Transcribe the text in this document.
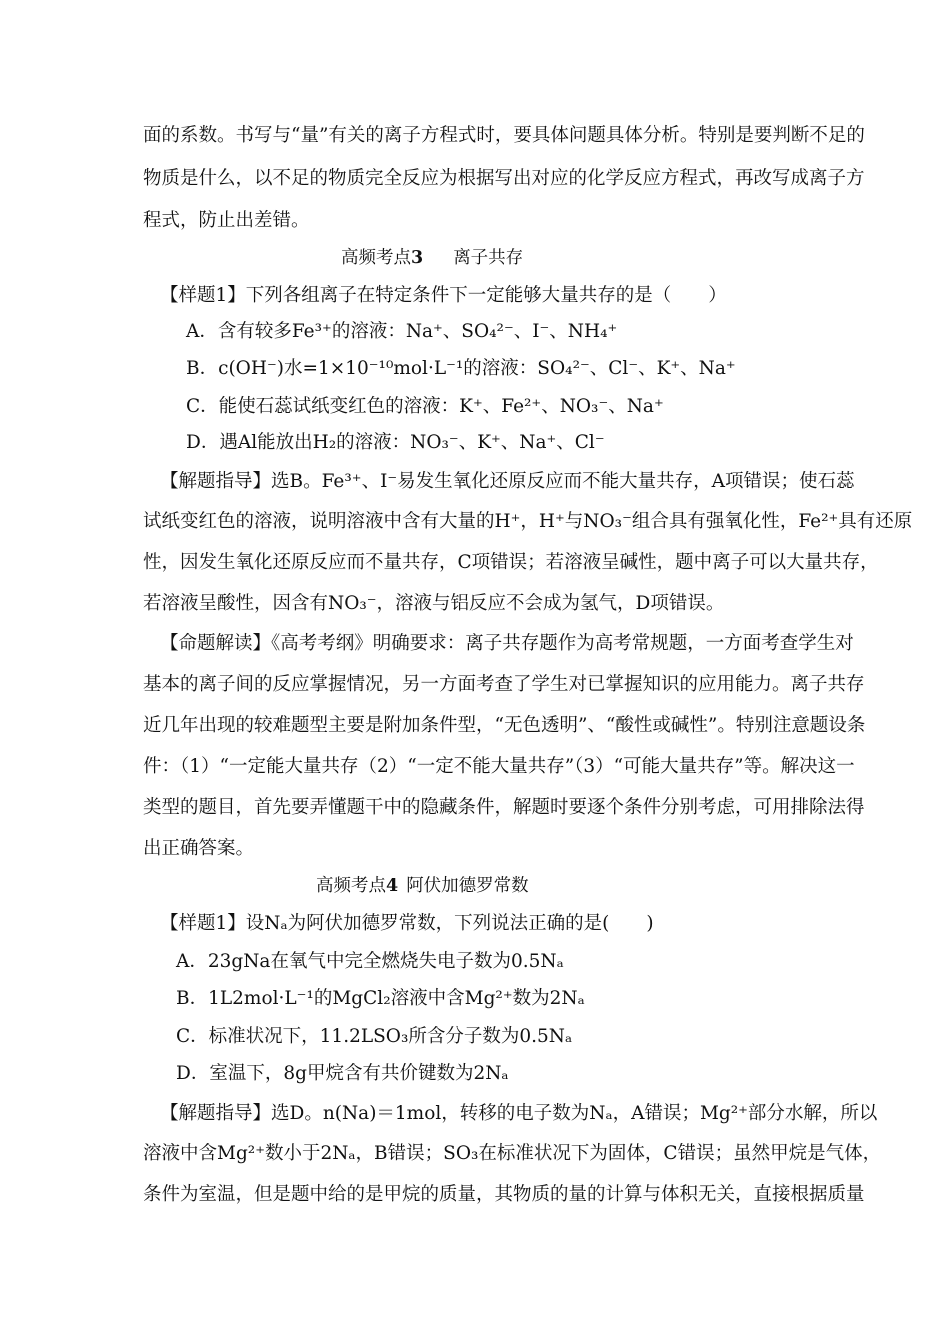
面的系数。书写与“量”有关的离子方程式时，要具体问题具体分析。特别是要判断不足的

物质是什么，以不足的物质完全反应为根据写出对应的化学反应方程式，再改写成离子方

程式，防止出差错。

高频考点3 离子共存

【样题1】下列各组离子在特定条件下一定能够大量共存的是（　　）

A．含有较多Fe³⁺的溶液：Na⁺、SO₄²⁻、I⁻、NH₄⁺

B．c(OH⁻)水=1×10⁻¹⁰mol·L⁻¹的溶液：SO₄²⁻、Cl⁻、K⁺、Na⁺

C．能使石蕊试纸变红色的溶液：K⁺、Fe²⁺、NO₃⁻、Na⁺

D．遇Al能放出H₂的溶液：NO₃⁻、K⁺、Na⁺、Cl⁻

【解题指导】选B。Fe³⁺、I⁻易发生氧化还原反应而不能大量共存，A项错误；使石蕊

试纸变红色的溶液，说明溶液中含有大量的H⁺，H⁺与NO₃⁻组合具有强氧化性，Fe²⁺具有还原

性，因发生氧化还原反应而不量共存，C项错误；若溶液呈碱性，题中离子可以大量共存，

若溶液呈酸性，因含有NO₃⁻，溶液与铝反应不会成为氢气，D项错误。

【命题解读】《高考考纲》明确要求：离子共存题作为高考常规题，一方面考查学生对

基本的离子间的反应掌握情况，另一方面考查了学生对已掌握知识的应用能力。离子共存

近几年出现的较难题型主要是附加条件型，“无色透明”、“酸性或碱性”。特别注意题设条

件：（1）“一定能大量共存（2）“一定不能大量共存”（3）“可能大量共存”等。解决这一

类型的题目，首先要弄懂题干中的隐藏条件，解题时要逐个条件分别考虑，可用排除法得

出正确答案。

高频考点4 阿伏加德罗常数

【样题1】设Nₐ为阿伏加德罗常数，下列说法正确的是(　　)

A．23gNa在氧气中完全燃烧失电子数为0.5Nₐ

B．1L2mol·L⁻¹的MgCl₂溶液中含Mg²⁺数为2Nₐ

C．标准状况下，11.2LSO₃所含分子数为0.5Nₐ

D．室温下，8g甲烷含有共价键数为2Nₐ

【解题指导】选D。n(Na)＝1mol，转移的电子数为Nₐ，A错误；Mg²⁺部分水解，所以

溶液中含Mg²⁺数小于2Nₐ，B错误；SO₃在标准状况下为固体，C错误；虽然甲烷是气体，

条件为室温，但是题中给的是甲烷的质量，其物质的量的计算与体积无关，直接根据质量
